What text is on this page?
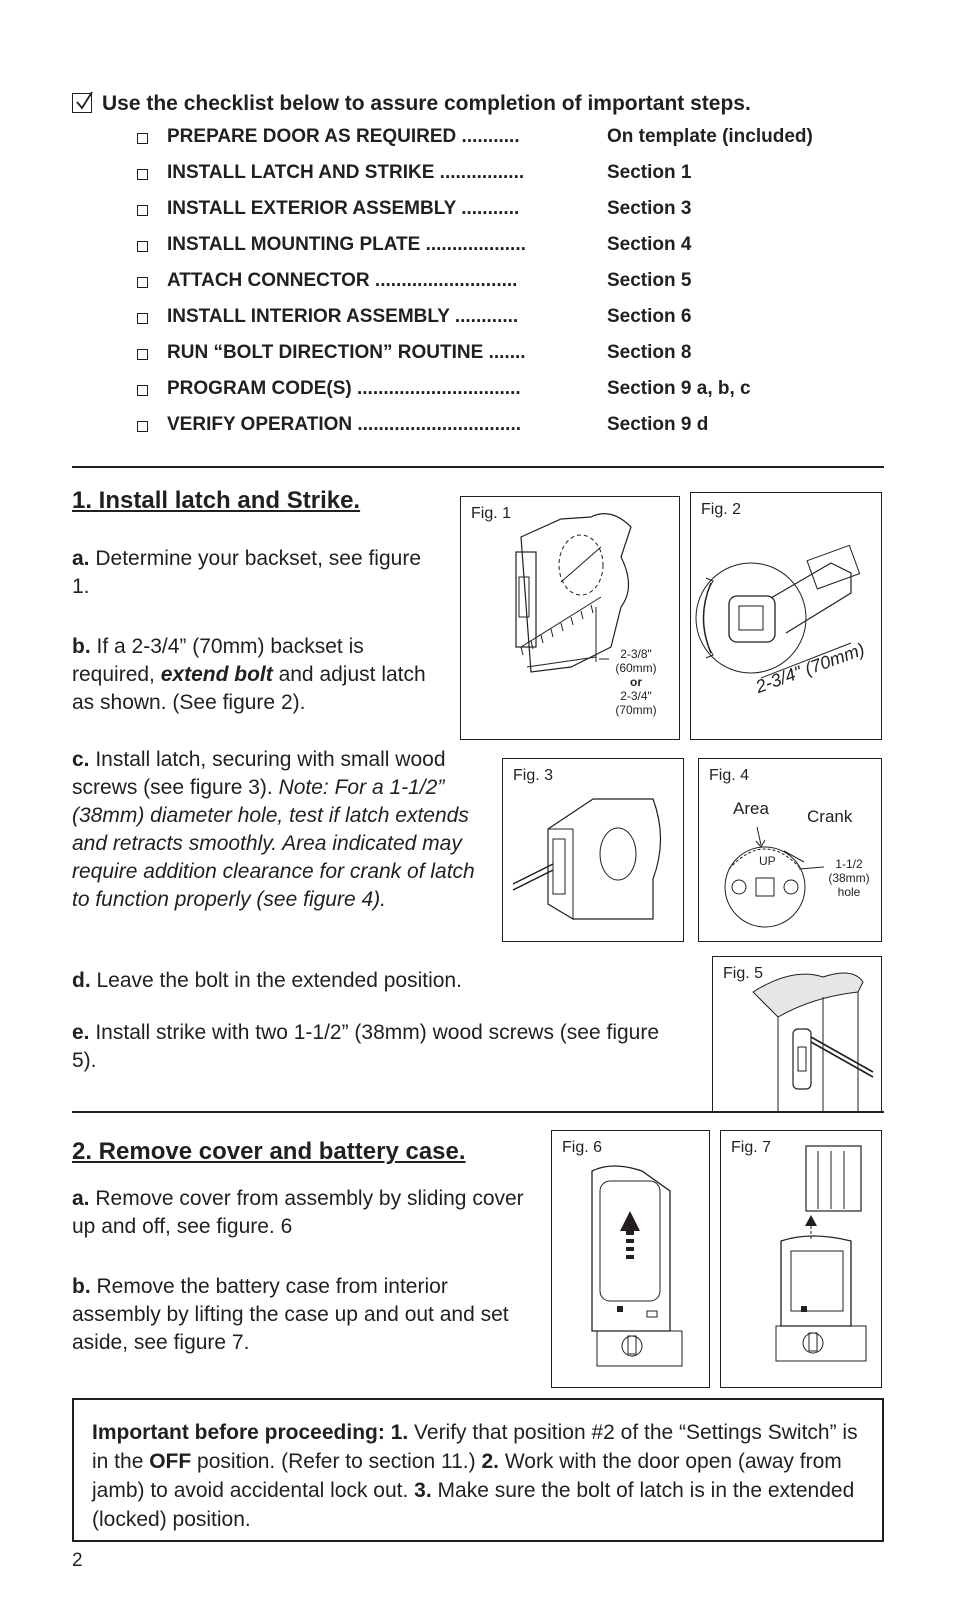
Use the checklist below to assure completion of important steps.
PREPARE DOOR AS REQUIRED ...........	On template (included)
INSTALL LATCH AND STRIKE ................	Section 1
INSTALL EXTERIOR ASSEMBLY ...........	Section 3
INSTALL MOUNTING PLATE ...................	Section 4
ATTACH CONNECTOR ...........................	Section 5
INSTALL INTERIOR ASSEMBLY ............	Section 6
RUN “BOLT DIRECTION” ROUTINE .......	Section 8
PROGRAM CODE(S) ...............................	Section 9 a, b, c
VERIFY OPERATION ...............................	Section 9 d
1. Install latch and Strike.
a. Determine your backset, see figure 1.
b. If a 2-3/4” (70mm) backset is required, extend bolt and adjust latch as shown. (See figure 2).
c. Install latch, securing with small wood screws (see figure 3). Note: For a 1-1/2” (38mm) diameter hole, test if latch extends and retracts smoothly. Area indicated may require addition clearance for crank of latch to function properly (see figure 4).
d. Leave the bolt in the extended position.
e. Install strike with two 1-1/2” (38mm) wood screws (see figure 5).
Fig. 1
2-3/8"
(60mm)
or
2-3/4"
(70mm)
Fig. 2
2-3/4" (70mm)
Fig. 3
UP
Fig. 4
Area Crank
1-1/2
(38mm)
hole
Fig. 5
2. Remove cover and battery case.
a. Remove cover from assembly by sliding cover up and off, see figure. 6
b. Remove the battery case from interior assembly by lifting the case up and out and set aside, see figure 7.
Fig. 6	Fig. 7

Important before proceeding: 1. Verify that position #2 of the “Settings Switch” is in the OFF position. (Refer to section 11.) 2. Work with the door open (away from jamb) to avoid accidental lock out. 3. Make sure the bolt of latch is in the extended (locked) position.

2
